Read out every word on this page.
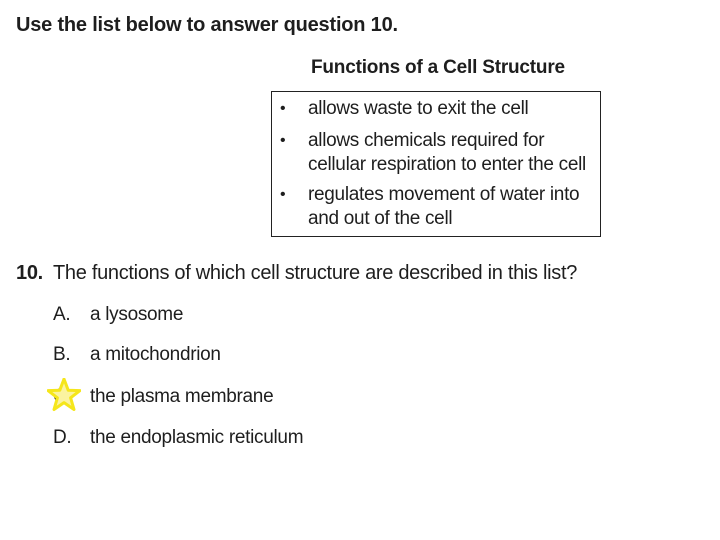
Use the list below to answer question 10.
Functions of a Cell Structure
• allows waste to exit the cell
• allows chemicals required for cellular respiration to enter the cell
• regulates movement of water into and out of the cell
10. The functions of which cell structure are described in this list?
A.	a lysosome
B.	a mitochondrion
the plasma membrane
D. the endoplasmic reticulum
